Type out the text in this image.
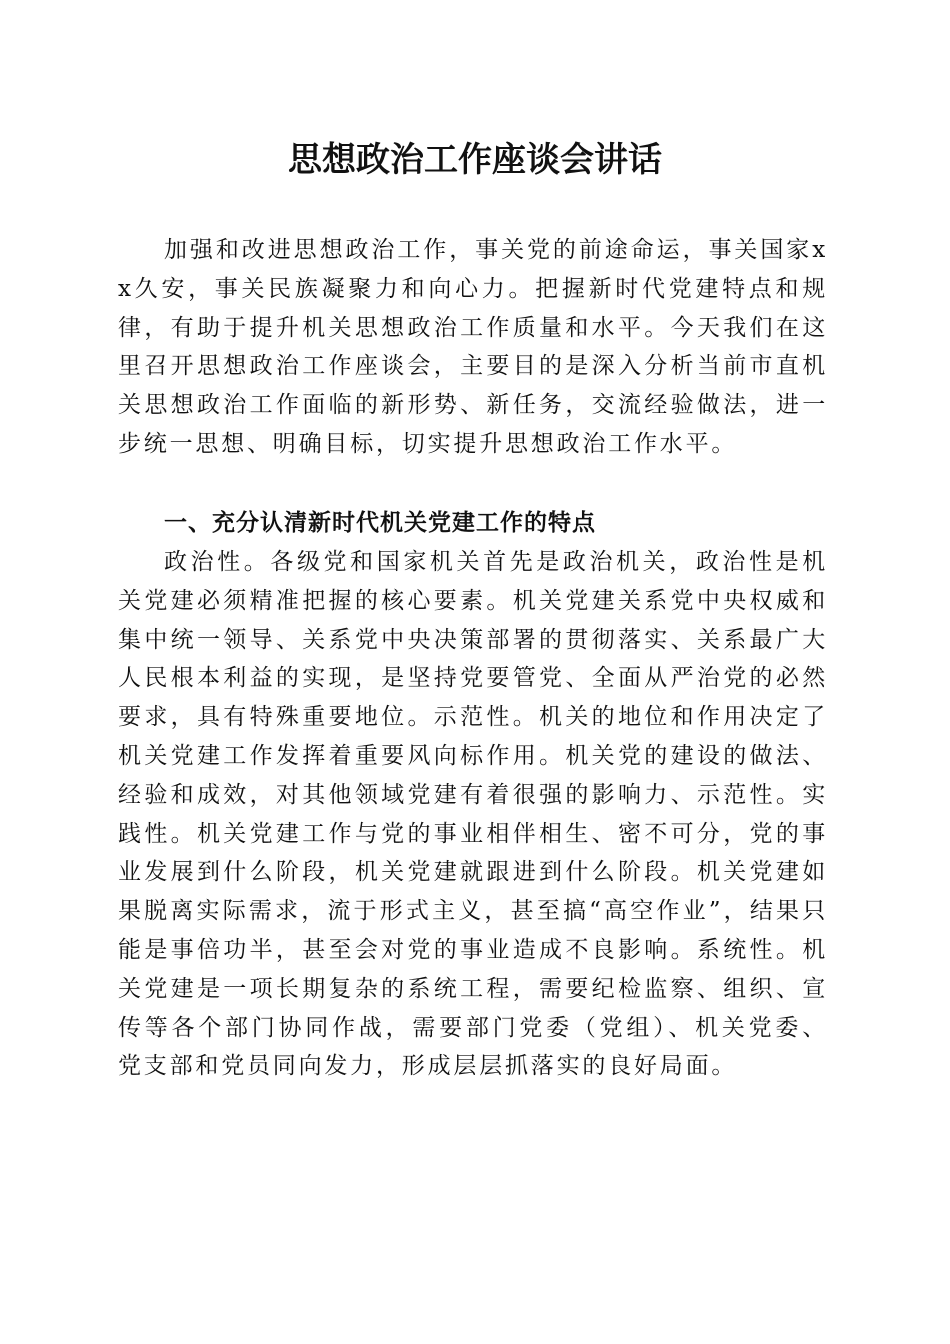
思想政治工作座谈会讲话

加强和改进思想政治工作，事关党的前途命运，事关国家xx久安，事关民族凝聚力和向心力。把握新时代党建特点和规律，有助于提升机关思想政治工作质量和水平。今天我们在这里召开思想政治工作座谈会，主要目的是深入分析当前市直机关思想政治工作面临的新形势、新任务，交流经验做法，进一步统一思想、明确目标，切实提升思想政治工作水平。

一、充分认清新时代机关党建工作的特点

政治性。各级党和国家机关首先是政治机关，政治性是机关党建必须精准把握的核心要素。机关党建关系党中央权威和集中统一领导、关系党中央决策部署的贯彻落实、关系最广大人民根本利益的实现，是坚持党要管党、全面从严治党的必然要求，具有特殊重要地位。示范性。机关的地位和作用决定了机关党建工作发挥着重要风向标作用。机关党的建设的做法、经验和成效，对其他领域党建有着很强的影响力、示范性。实践性。机关党建工作与党的事业相伴相生、密不可分，党的事业发展到什么阶段，机关党建就跟进到什么阶段。机关党建如果脱离实际需求，流于形式主义，甚至搞“高空作业”，结果只能是事倍功半，甚至会对党的事业造成不良影响。系统性。机关党建是一项长期复杂的系统工程，需要纪检监察、组织、宣传等各个部门协同作战，需要部门党委（党组）、机关党委、党支部和党员同向发力，形成层层抓落实的良好局面。
